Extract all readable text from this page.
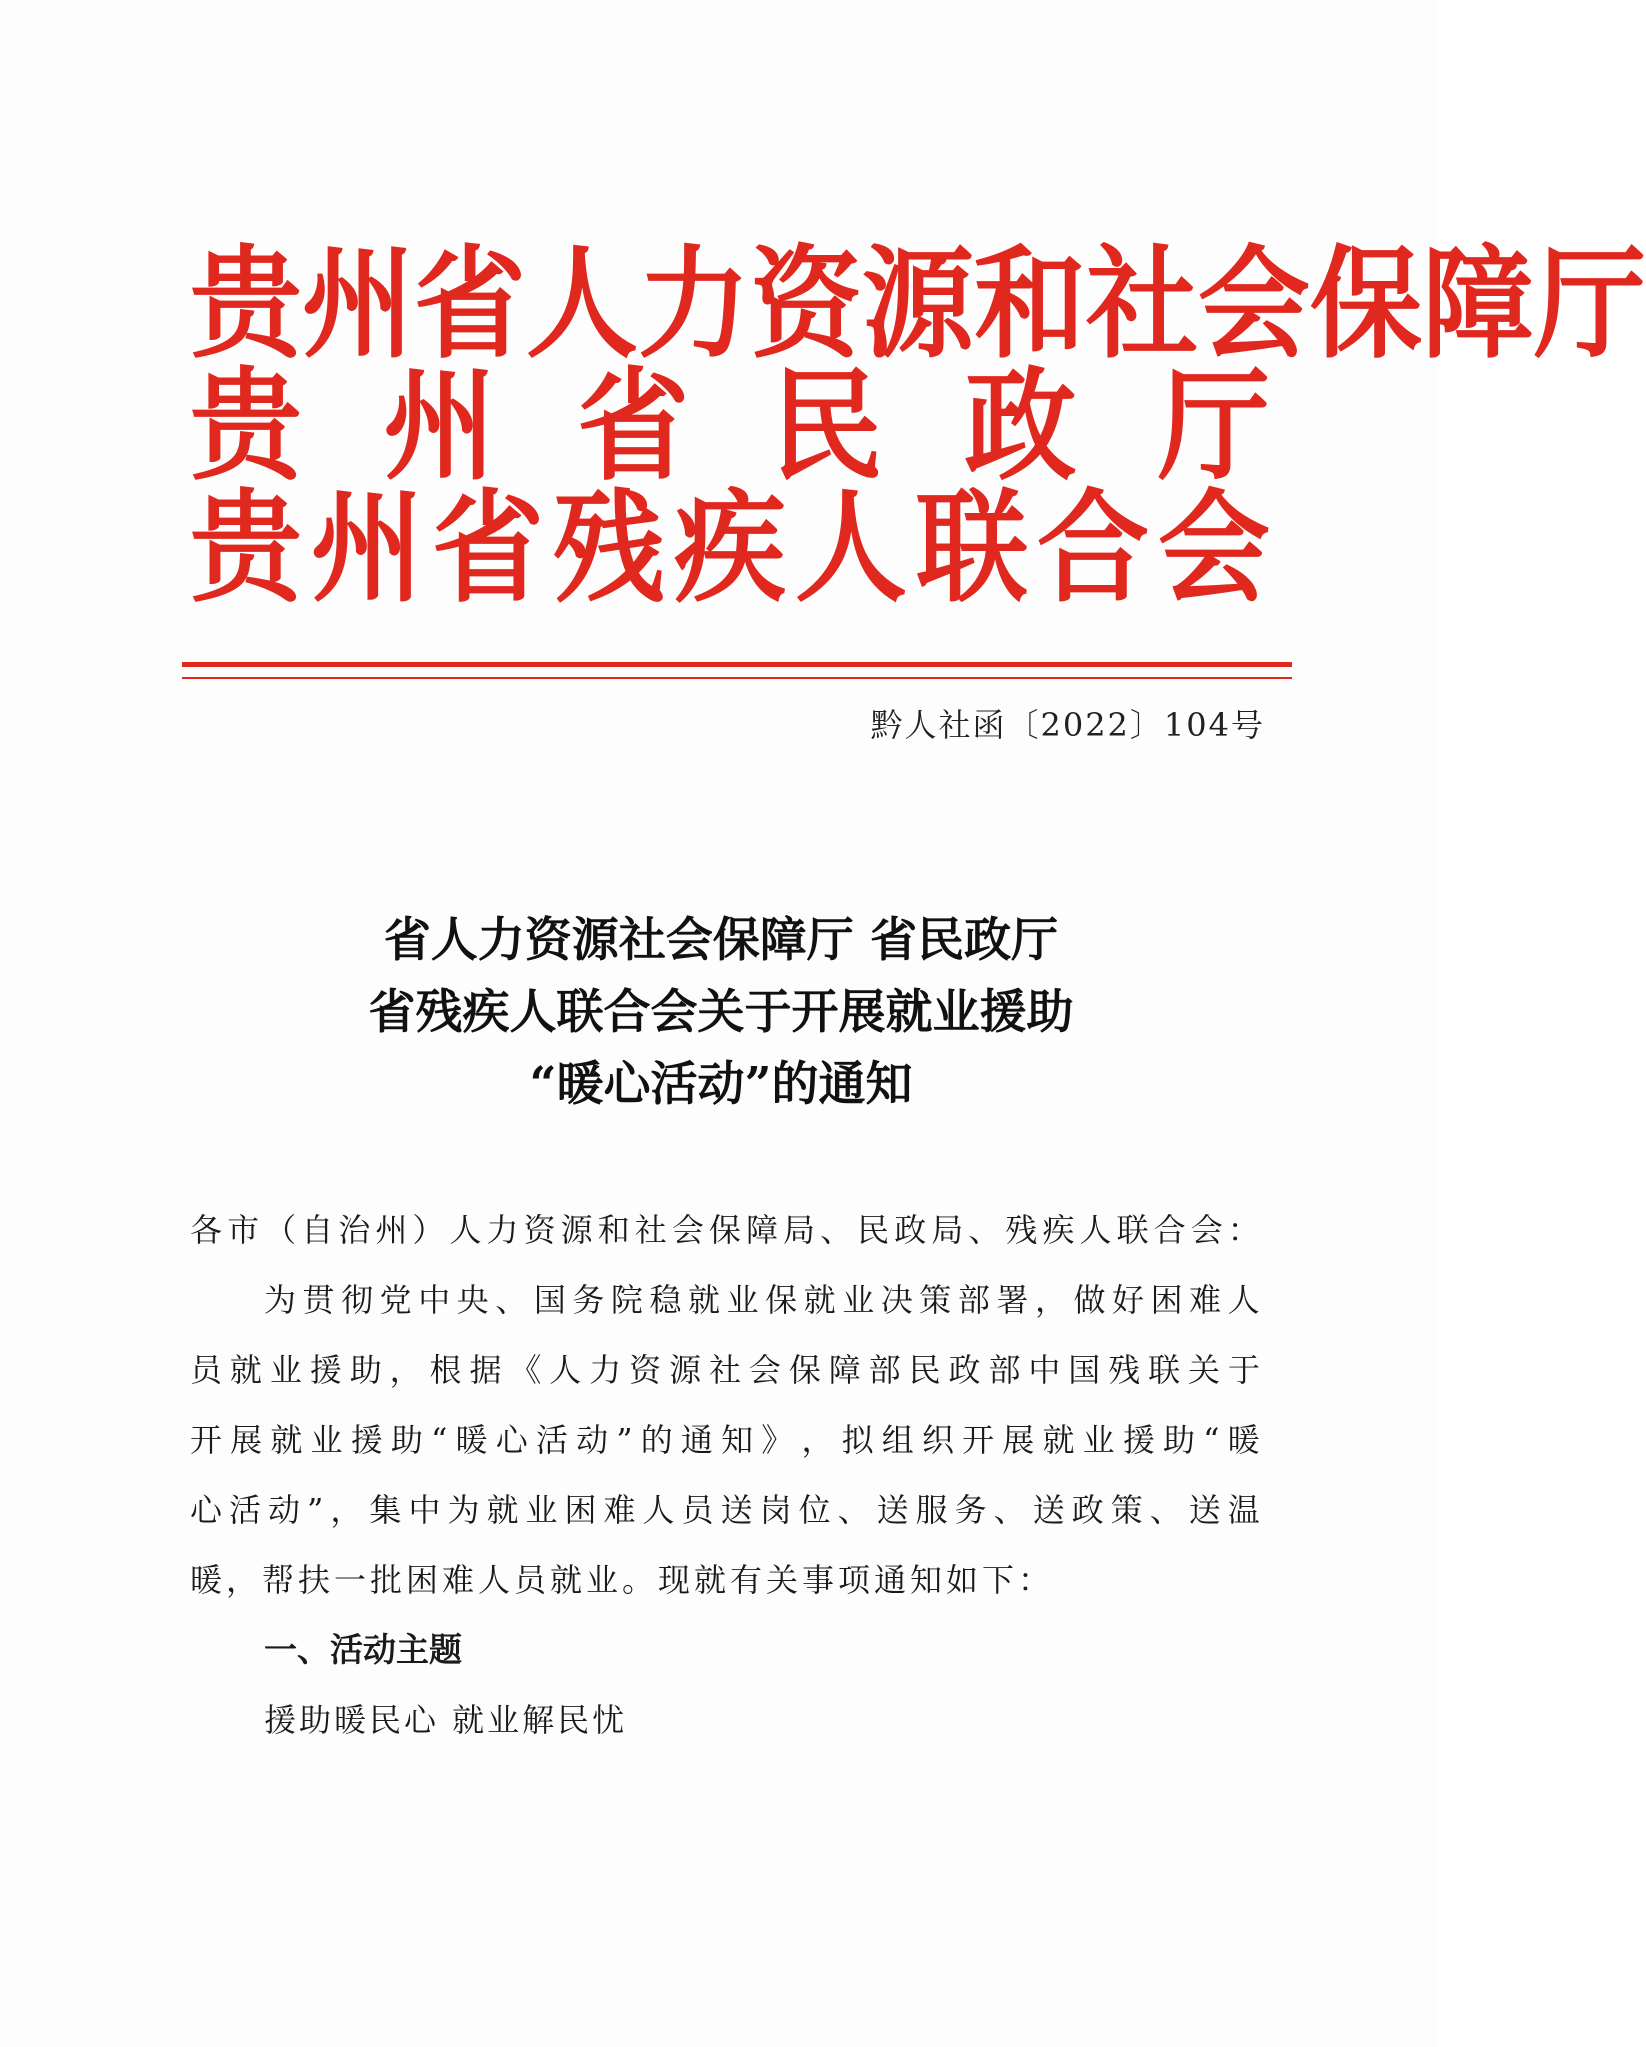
贵 州 省 人 力 资 源 和 社 会 保 障 厅
贵 州 省 民 政 厅
贵 州 省 残 疾 人 联 合 会
黔人社函〔2022〕104号
省人力资源社会保障厅 省民政厅
省残疾人联合会关于开展就业援助
“暖心活动”的通知
各 市 （ 自 治 州 ） 人 力 资 源 和 社 会 保 障 局 、 民 政 局 、 残 疾 人 联 合 会 ：
为 贯 彻 党 中 央 、 国 务 院 稳 就 业 保 就 业 决 策 部 署 ， 做 好 困 难 人
员 就 业 援 助 ， 根 据 《 人 力 资 源 社 会 保 障 部 民 政 部 中 国 残 联 关 于
开 展 就 业 援 助 “ 暖 心 活 动 ” 的 通 知 》 ， 拟 组 织 开 展 就 业 援 助 “ 暖
心 活 动 ” ， 集 中 为 就 业 困 难 人 员 送 岗 位 、 送 服 务 、 送 政 策 、 送 温
暖，帮扶一批困难人员就业。现就有关事项通知如下：
一、活动主题
援助暖民心 就业解民忧
